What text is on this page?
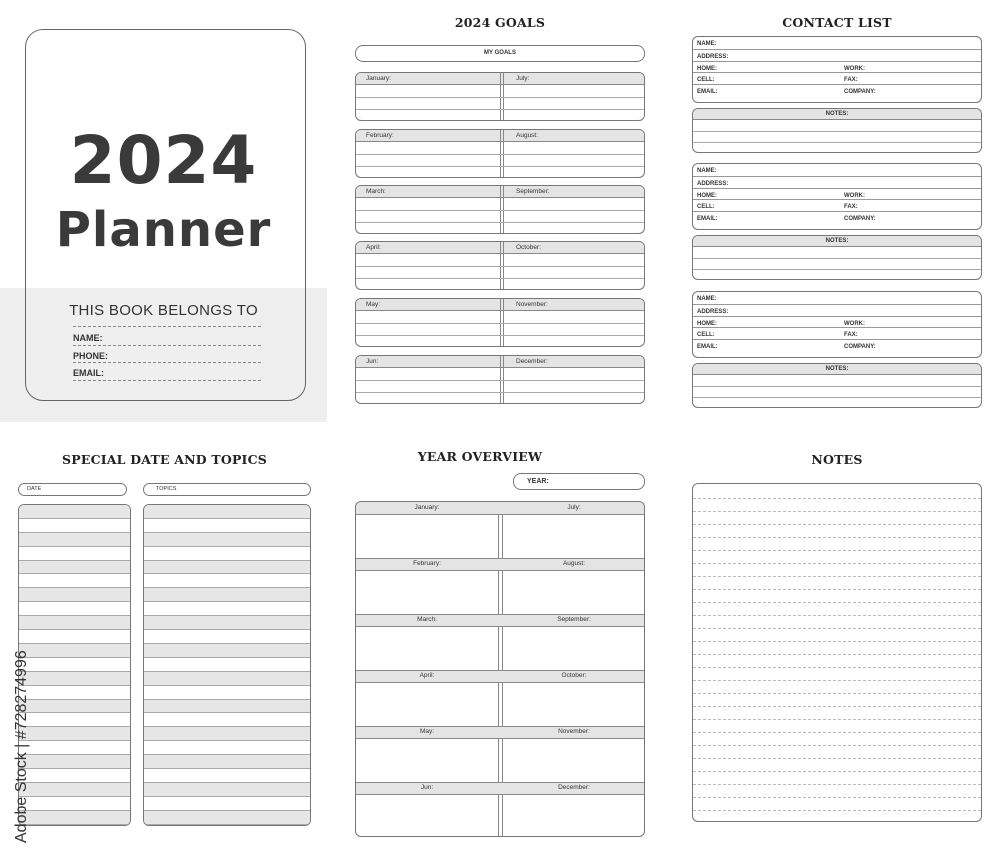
2024
Planner
THIS BOOK BELONGS TO
NAME:
PHONE:
EMAIL:
2024 GOALS
MY GOALS
January:	July:
February:	August:
March:	September:
April:	October:
May:	November:
Jun:	December:
CONTACT LIST
NAME:
ADDRESS:
HOME:	WORK:
CELL:	FAX:
EMAIL:	COMPANY:
NOTES:
NAME:
ADDRESS:
HOME:	WORK:
CELL:	FAX:
EMAIL:	COMPANY:
NOTES:
NAME:
ADDRESS:
HOME:	WORK:
CELL:	FAX:
EMAIL:	COMPANY:
NOTES:
SPECIAL DATE AND TOPICS
DATE	TOPICS
YEAR OVERVIEW
YEAR:
January:	July:
February:	August:
March:	September:
April:	October:
May:	November:
Jun:	December:
NOTES
Adobe Stock | #728274996
